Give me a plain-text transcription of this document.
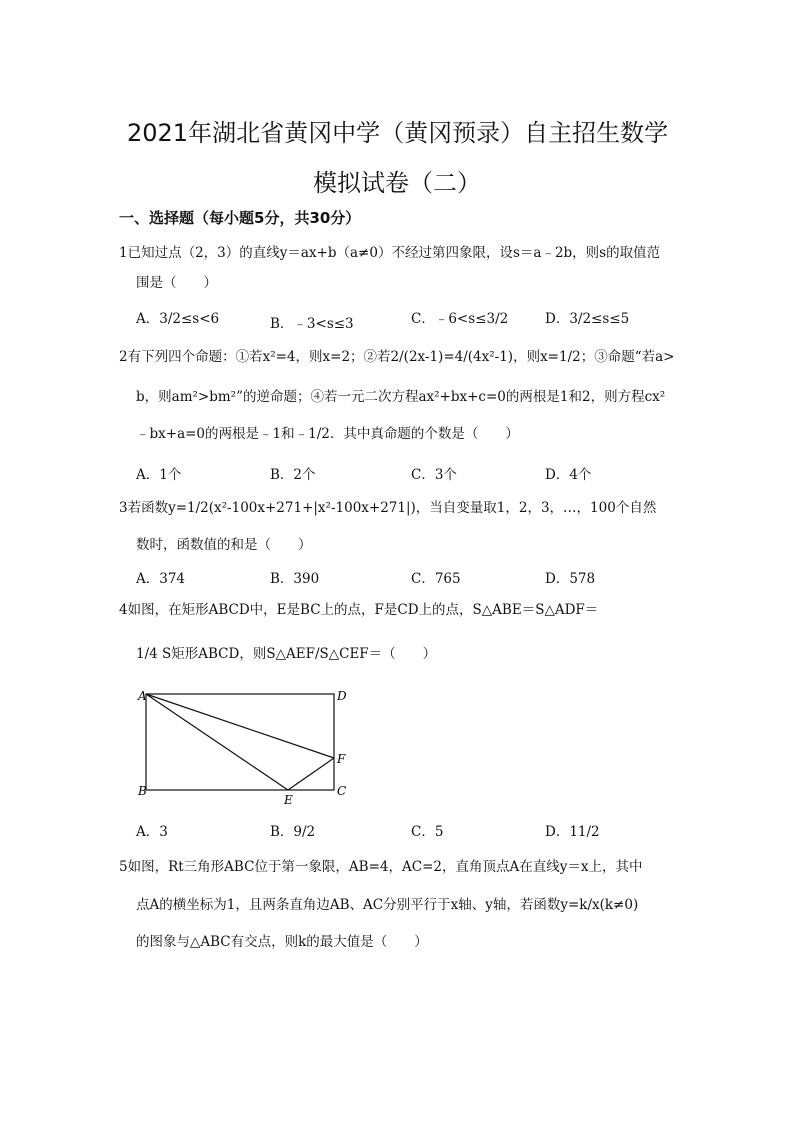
2021年湖北省黄冈中学（黄冈预录）自主招生数学
模拟试卷（二）
一、选择题（每小题5分，共30分）
1已知过点（2，3）的直线y＝ax+b（a≠0）不经过第四象限，设s＝a﹣2b，则s的取值范
围是（　　）
A．3/2≤s<6	B．﹣3<s≤3	C．﹣6<s≤3/2	D．3/2≤s≤5
2有下列四个命题：①若x²=4，则x=2；②若2/(2x-1)=4/(4x²-1)，则x=1/2；③命题“若a>
b，则am²>bm²”的逆命题；④若一元二次方程ax²+bx+c=0的两根是1和2，则方程cx²
﹣bx+a=0的两根是﹣1和﹣1/2．其中真命题的个数是（　　）
A．1个	B．2个	C．3个	D．4个
3若函数y=1/2(x²-100x+271+|x²-100x+271|)，当自变量取1，2，3，…，100个自然
数时，函数值的和是（　　）
A．374	B．390	C．765	D．578
4如图，在矩形ABCD中，E是BC上的点，F是CD上的点，S△ABE＝S△ADF＝
1/4 S矩形ABCD，则S△AEF/S△CEF＝（　　）
A	D
F
C
B
E
A．3	B．9/2	C．5	D．11/2
5如图，Rt三角形ABC位于第一象限，AB=4，AC=2，直角顶点A在直线y＝x上，其中
点A的横坐标为1，且两条直角边AB、AC分别平行于x轴、y轴，若函数y=k/x(k≠0)
的图象与△ABC有交点，则k的最大值是（　　）
